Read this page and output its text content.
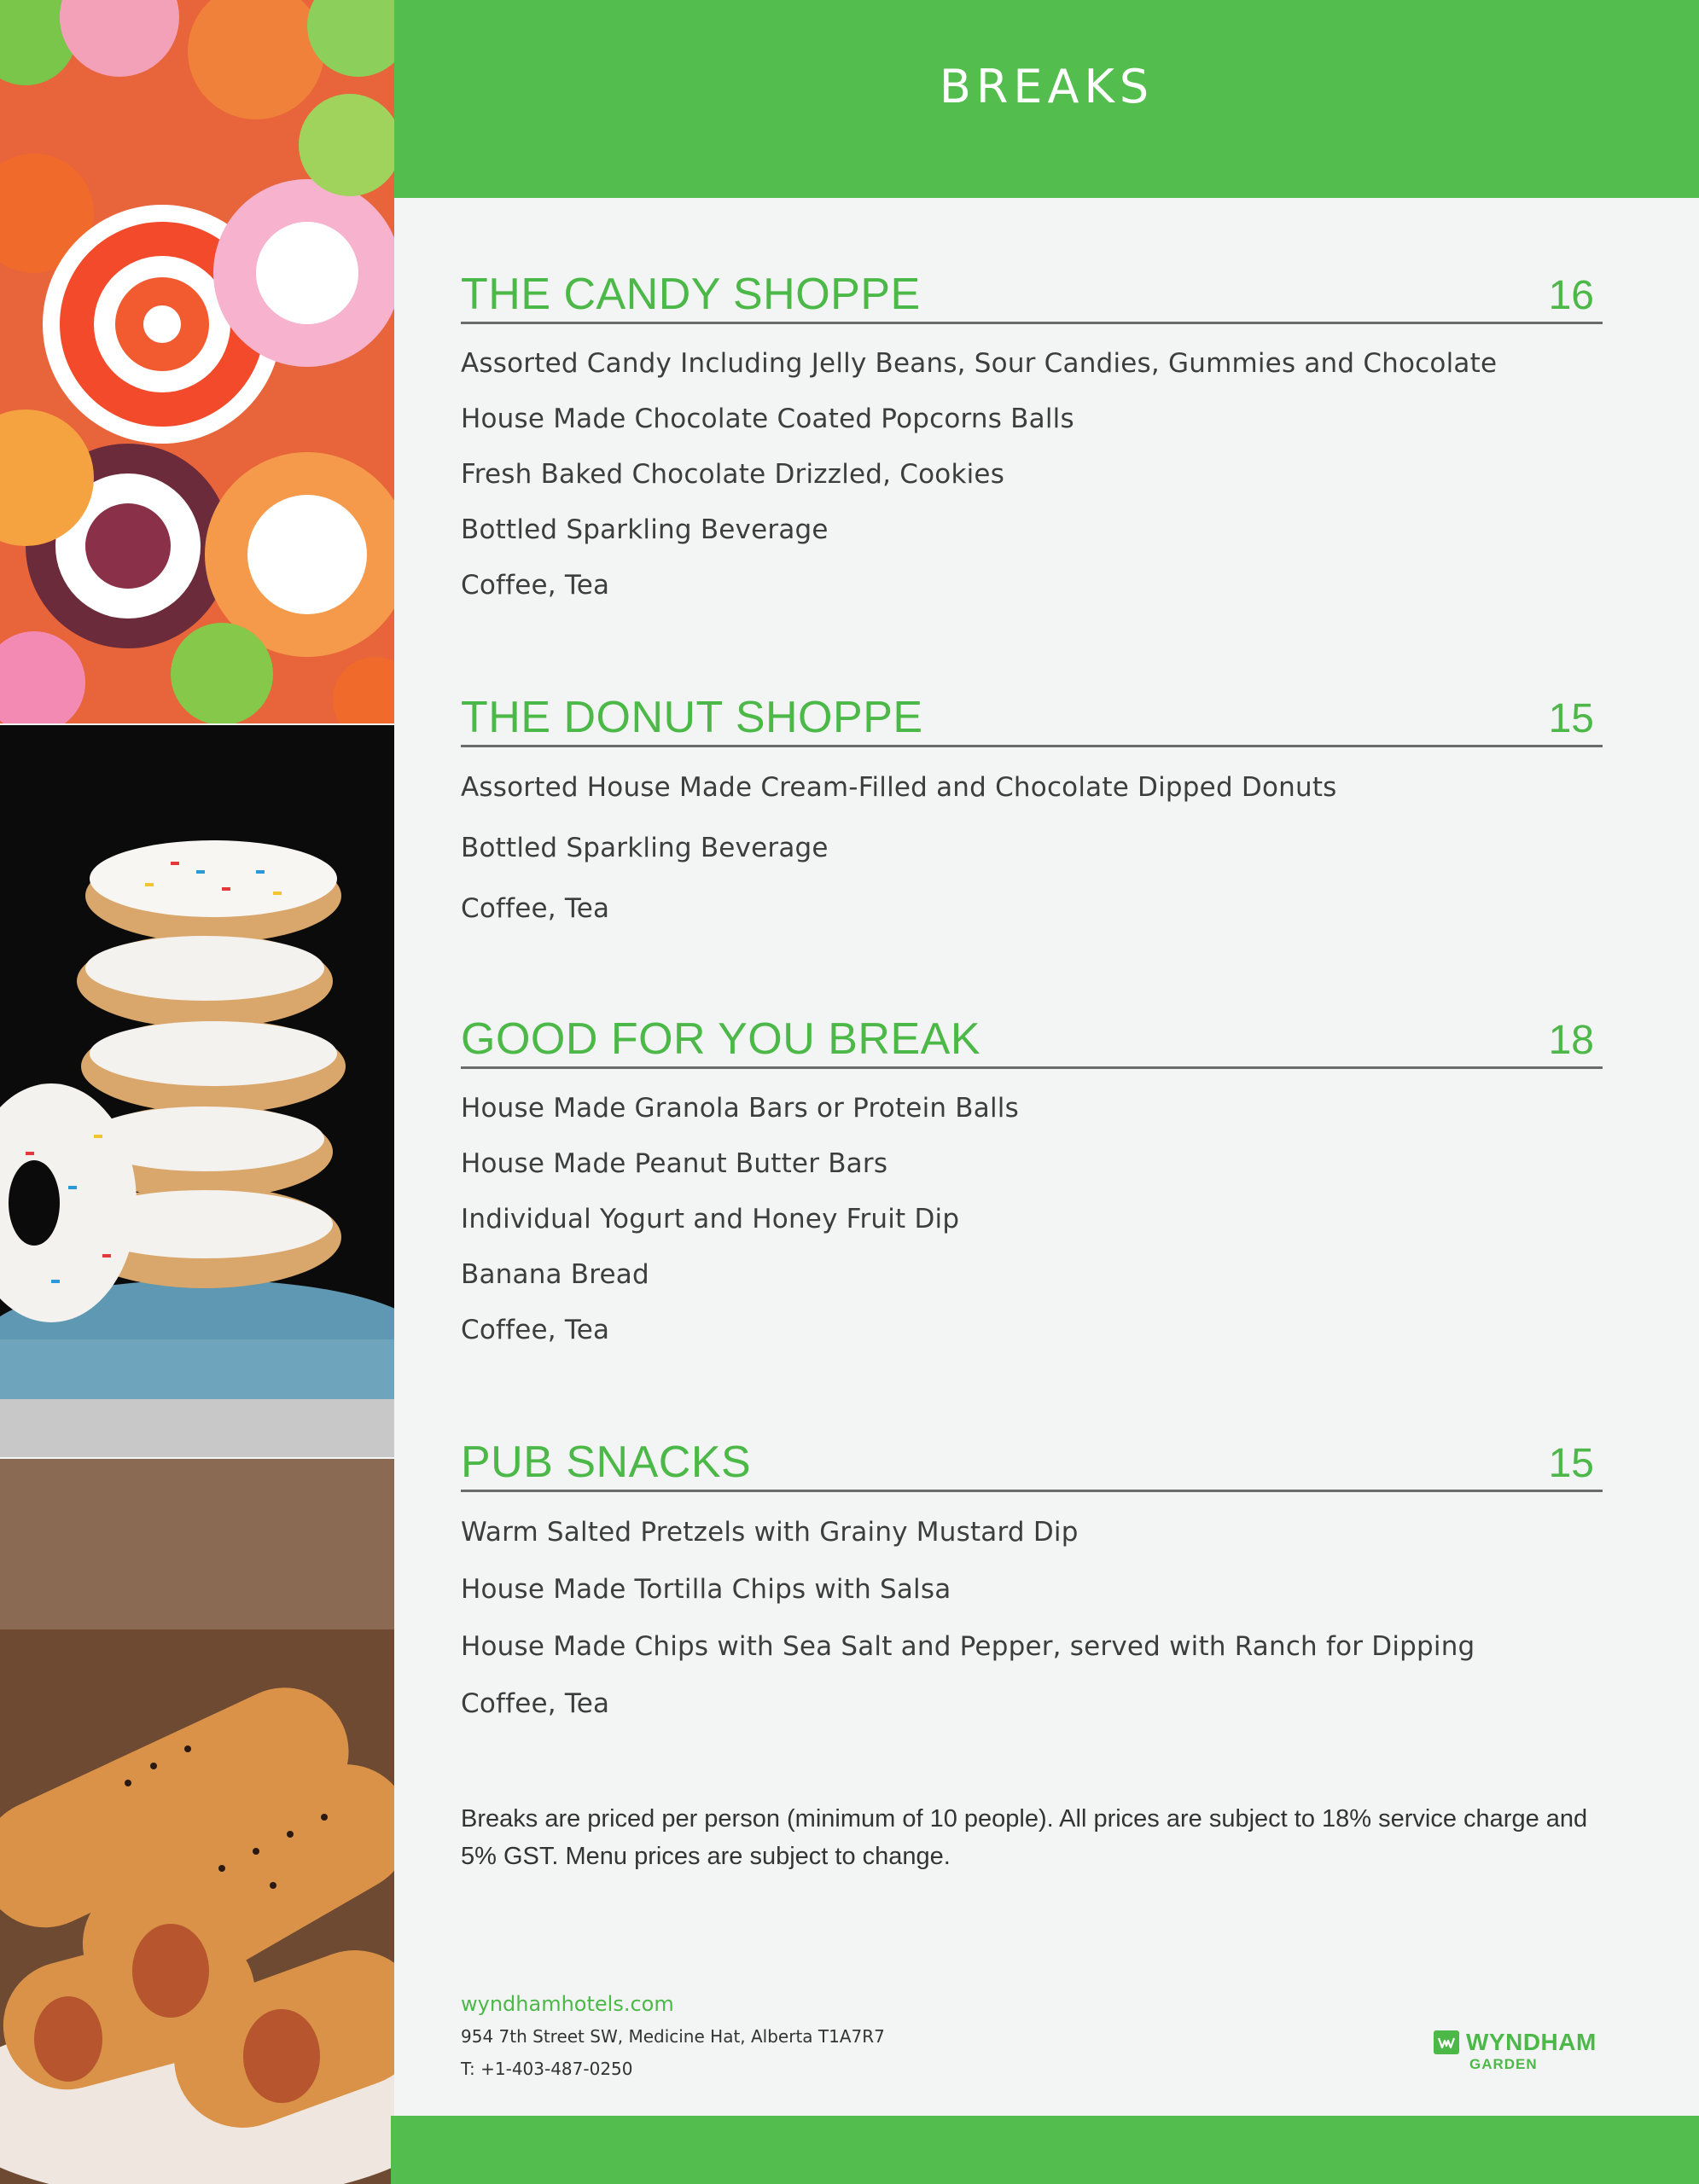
BREAKS
THE CANDY SHOPPE	16
Assorted Candy Including Jelly Beans, Sour Candies, Gummies and Chocolate
House Made Chocolate Coated Popcorns Balls
Fresh Baked Chocolate Drizzled, Cookies
Bottled Sparkling Beverage
Coffee, Tea
THE DONUT SHOPPE	15
Assorted House Made Cream-Filled and Chocolate Dipped Donuts
Bottled Sparkling Beverage
Coffee, Tea
GOOD FOR YOU BREAK	18
House Made Granola Bars or Protein Balls
House Made Peanut Butter Bars
Individual Yogurt and Honey Fruit Dip
Banana Bread
Coffee, Tea
PUB SNACKS	15
Warm Salted Pretzels with Grainy Mustard Dip
House Made Tortilla Chips with Salsa
House Made Chips with Sea Salt and Pepper, served with Ranch for Dipping
Coffee, Tea
Breaks are priced per person (minimum of 10 people). All prices are subject to 18% service charge and 5% GST. Menu prices are subject to change.
wyndhamhotels.com
954 7th Street SW, Medicine Hat, Alberta T1A7R7
T: +1-403-487-0250
WYNDHAM
GARDEN
